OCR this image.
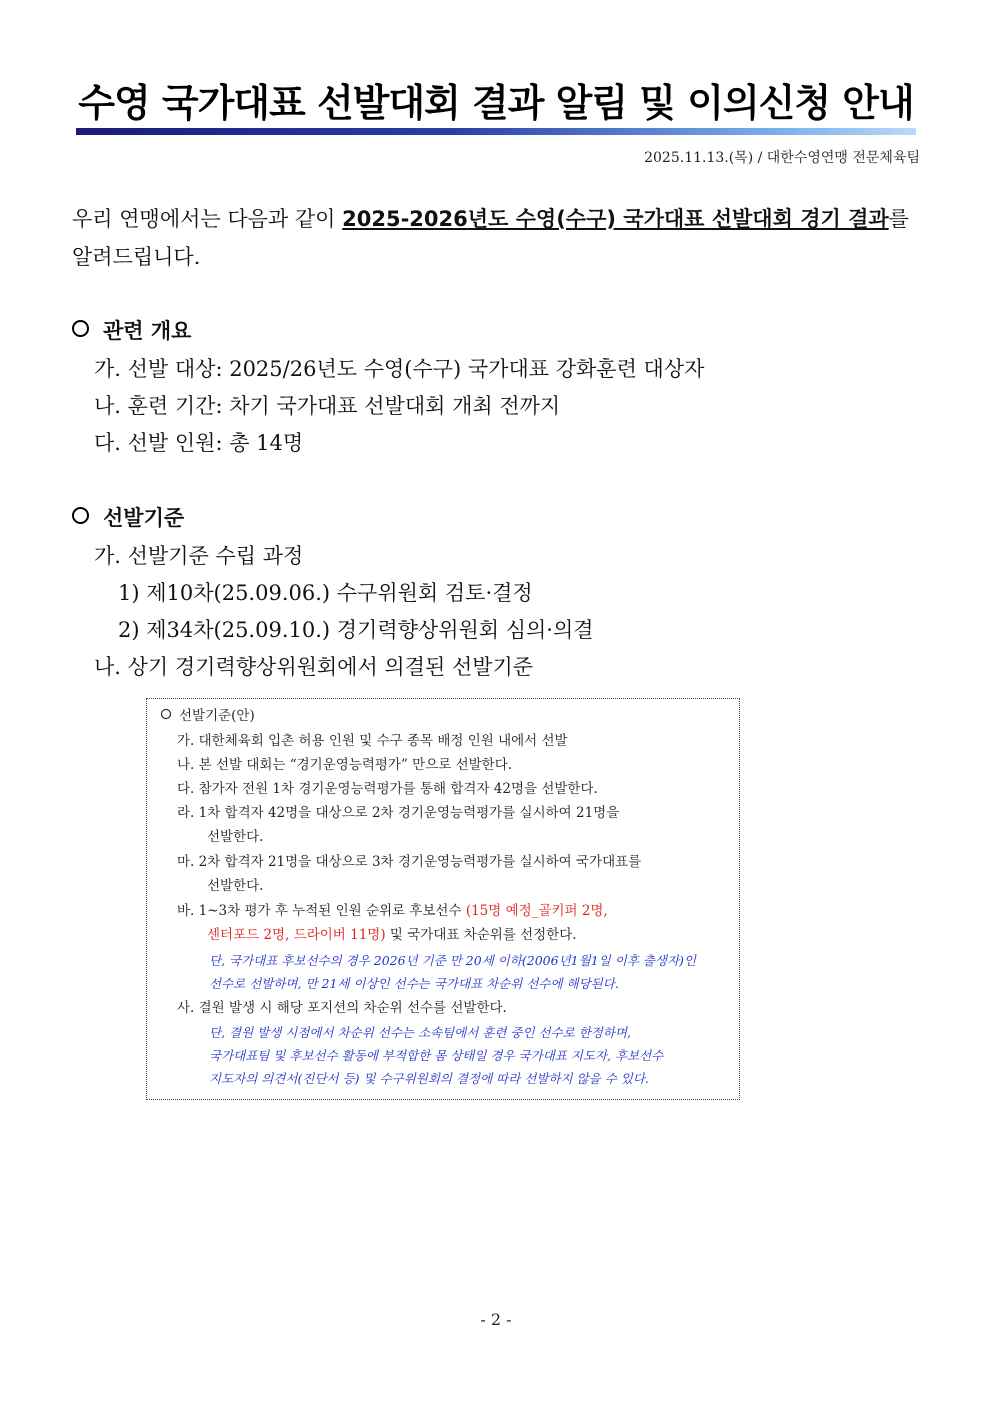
수영 국가대표 선발대회 결과 알림 및 이의신청 안내
2025.11.13.(목) / 대한수영연맹 전문체육팀
우리 연맹에서는 다음과 같이 2025-2026년도 수영(수구) 국가대표 선발대회 경기 결과를 알려드립니다.
관련 개요
가. 선발 대상: 2025/26년도 수영(수구) 국가대표 강화훈련 대상자
나. 훈련 기간: 차기 국가대표 선발대회 개최 전까지
다. 선발 인원: 총 14명
선발기준
가. 선발기준 수립 과정
1) 제10차(25.09.06.) 수구위원회 검토·결정
2) 제34차(25.09.10.) 경기력향상위원회 심의·의결
나. 상기 경기력향상위원회에서 의결된 선발기준
선발기준(안)
가. 대한체육회 입촌 허용 인원 및 수구 종목 배정 인원 내에서 선발
나. 본 선발 대회는 “경기운영능력평가” 만으로 선발한다.
다. 참가자 전원 1차 경기운영능력평가를 통해 합격자 42명을 선발한다.
라. 1차 합격자 42명을 대상으로 2차 경기운영능력평가를 실시하여 21명을
선발한다.
마. 2차 합격자 21명을 대상으로 3차 경기운영능력평가를 실시하여 국가대표를
선발한다.
바. 1~3차 평가 후 누적된 인원 순위로 후보선수 (15명 예정_골키퍼 2명,
센터포드 2명, 드라이버 11명) 및 국가대표 차순위를 선정한다.
단, 국가대표 후보선수의 경우 2026년 기준 만 20세 이하(2006년1월1일 이후 출생자)인
선수로 선발하며, 만 21세 이상인 선수는 국가대표 차순위 선수에 해당된다.
사. 결원 발생 시 해당 포지션의 차순위 선수를 선발한다.
단, 결원 발생 시점에서 차순위 선수는 소속팀에서 훈련 중인 선수로 한정하며,
국가대표팀 및 후보선수 활동에 부적합한 몸 상태일 경우 국가대표 지도자, 후보선수
지도자의 의견서(진단서 등) 및 수구위원회의 결정에 따라 선발하지 않을 수 있다.
- 2 -
